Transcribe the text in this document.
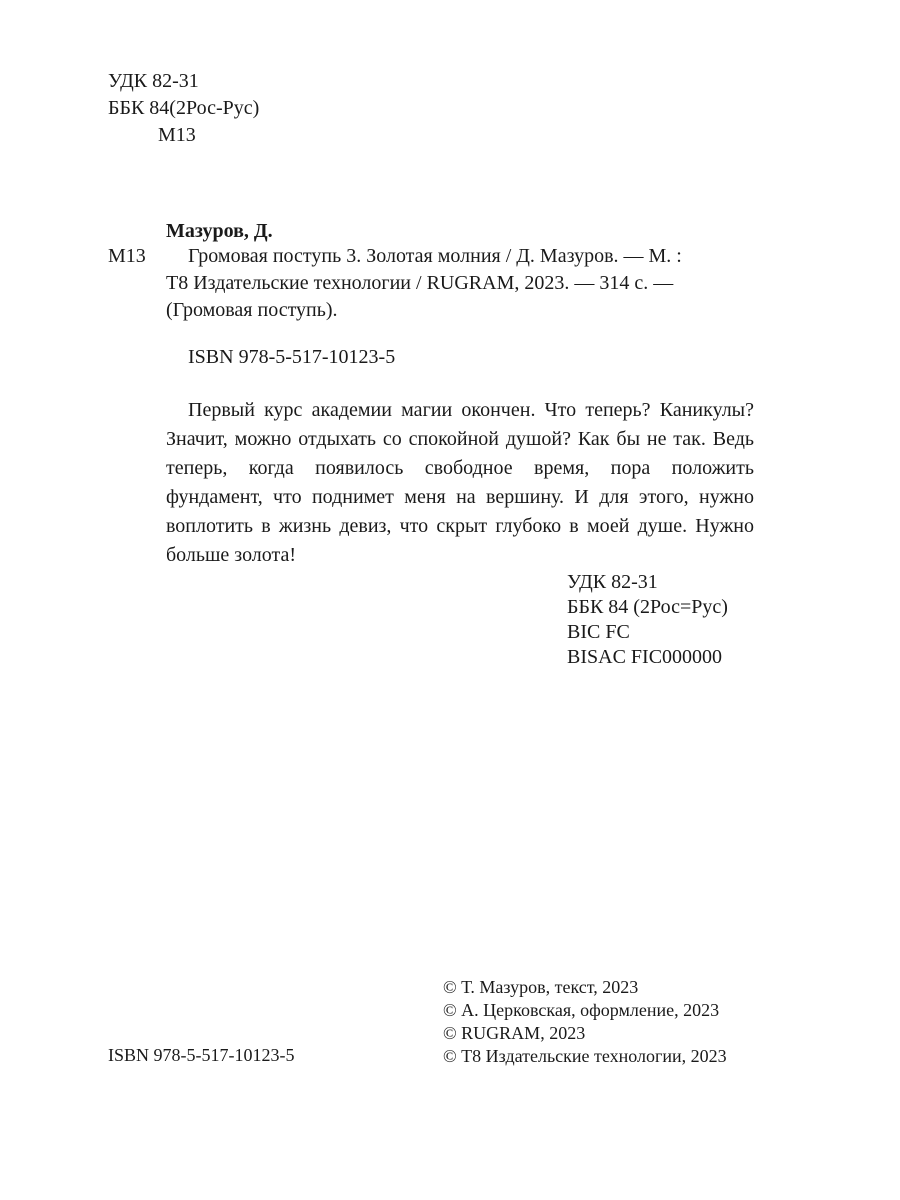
УДК 82-31
ББК 84(2Рос-Рус)
М13
Мазуров, Д.
М13	Громовая поступь 3. Золотая молния / Д. Мазуров. — М. :
Т8 Издательские технологии / RUGRAM, 2023. — 314 с. —
(Громовая поступь).
ISBN 978-5-517-10123-5
Первый курс академии магии окончен. Что теперь? Каникулы? Значит, можно отдыхать со спокойной душой? Как бы не так. Ведь теперь, когда появилось свободное время, пора положить фундамент, что поднимет меня на вершину. И для этого, нужно воплотить в жизнь девиз, что скрыт глубоко в моей душе. Нужно больше золота!
УДК 82-31
ББК 84 (2Рос=Рус)
BIC FC
BISAC FIC000000
© Т. Мазуров, текст, 2023
© А. Церковская, оформление, 2023
© RUGRAM, 2023
© Т8 Издательские технологии, 2023
ISBN 978-5-517-10123-5
